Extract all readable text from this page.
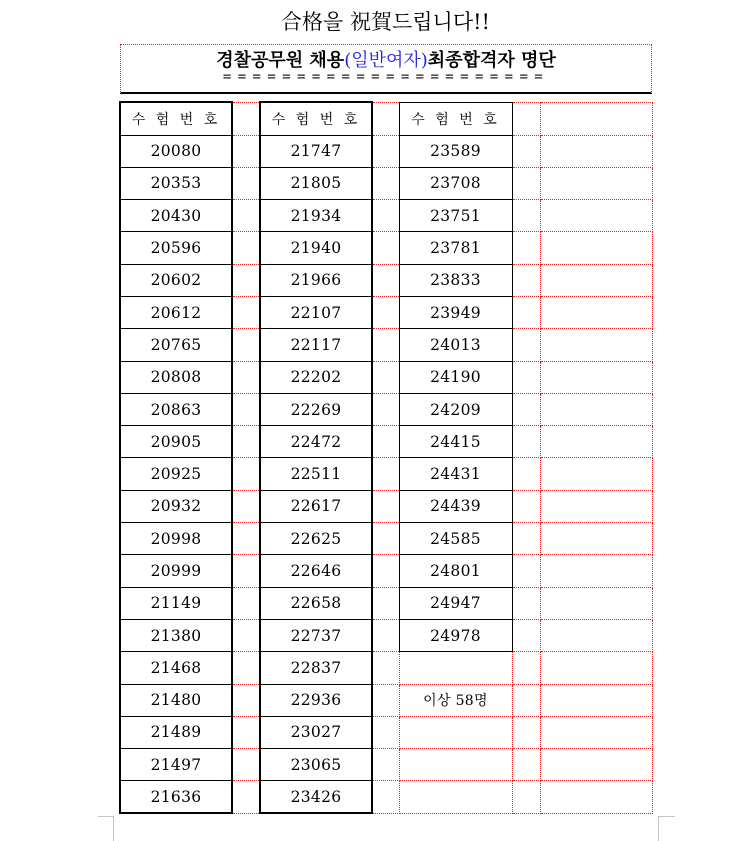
合格을 祝賀드립니다!!
경찰공무원 채용(일반여자)최종합격자 명단
======================
수 험 번 호		수 험 번 호		수 험 번 호		
20080		21747		23589		
20353		21805		23708		
20430		21934		23751		
20596		21940		23781		
20602		21966		23833		
20612		22107		23949		
20765		22117		24013		
20808		22202		24190		
20863		22269		24209		
20905		22472		24415		
20925		22511		24431		
20932		22617		24439		
20998		22625		24585		
20999		22646		24801		
21149		22658		24947		
21380		22737		24978		
21468		22837				
21480		22936		이상 58명		
21489		23027				
21497		23065				
21636		23426				
